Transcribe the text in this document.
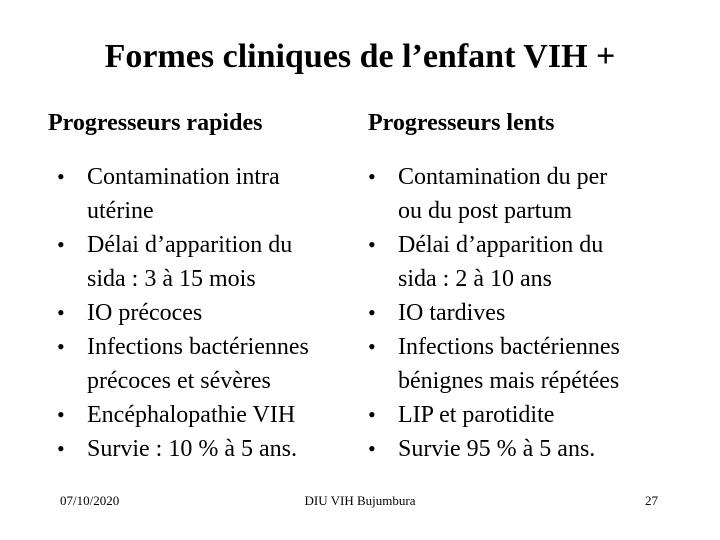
Formes cliniques de l’enfant VIH +
Progresseurs rapides	Progresseurs lents
• Contamination intra
utérine
• Délai d’apparition du
sida : 3 à 15 mois
• IO précoces
• Infections bactériennes
précoces et sévères
• Encéphalopathie VIH
• Survie : 10 % à 5 ans.
• Contamination du per
ou du post partum
• Délai d’apparition du
sida : 2 à 10 ans
• IO tardives
• Infections bactériennes
bénignes mais répétées
• LIP et parotidite
• Survie 95 % à 5 ans.
07/10/2020	DIU VIH Bujumbura	27
